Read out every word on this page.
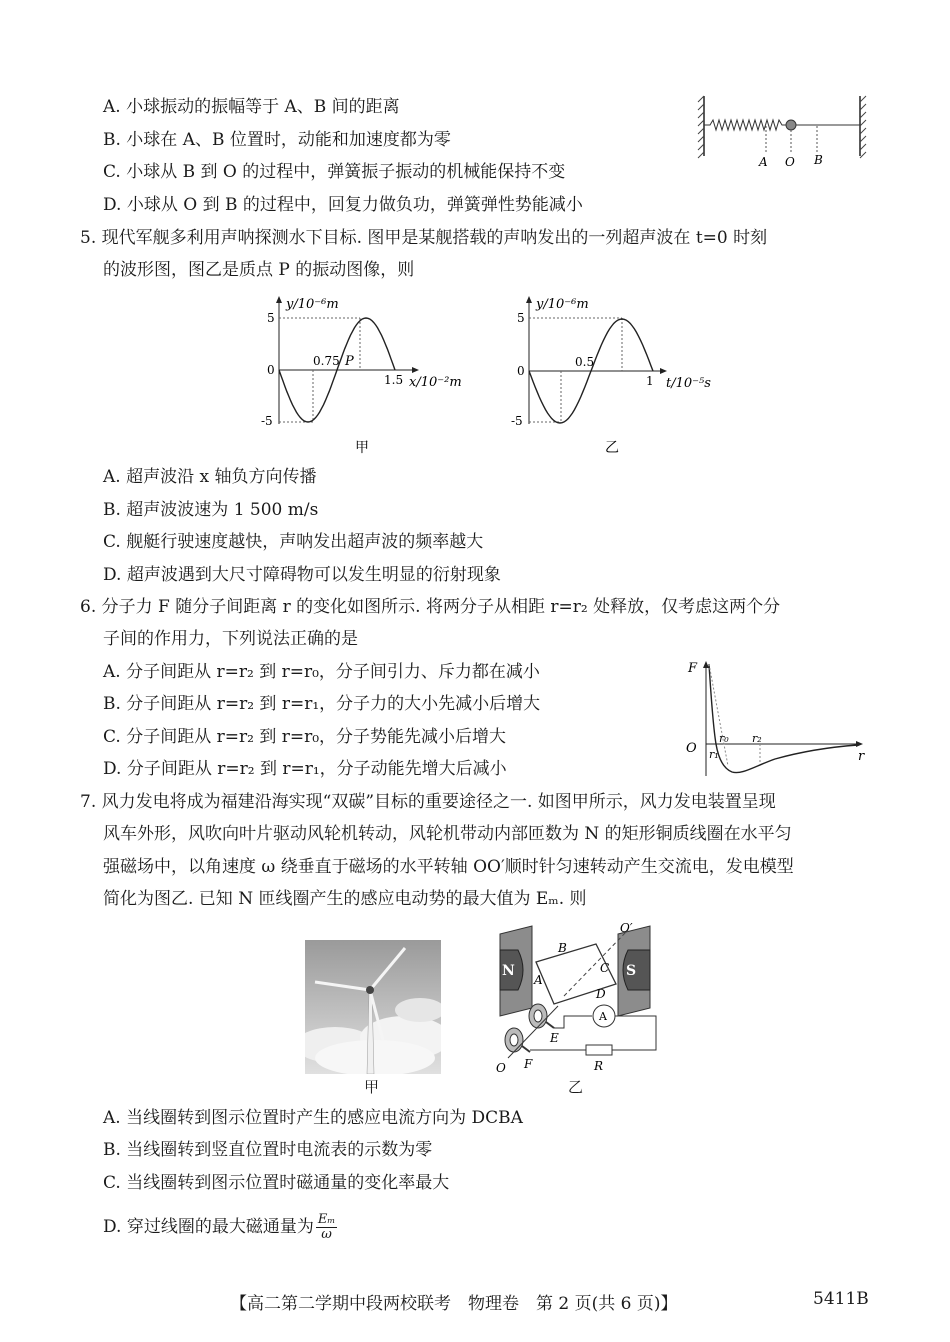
A. 小球振动的振幅等于 A、B 间的距离
B. 小球在 A、B 位置时，动能和加速度都为零
C. 小球从 B 到 O 的过程中，弹簧振子振动的机械能保持不变
D. 小球从 O 到 B 的过程中，回复力做负功，弹簧弹性势能减小
A O B
5. 现代军舰多利用声呐探测水下目标. 图甲是某舰搭载的声呐发出的一列超声波在 t=0 时刻
的波形图，图乙是质点 P 的振动图像，则
y/10⁻⁶m
5
0
-5
0.75 P
1.5 x/10⁻²m
甲
y/10⁻⁶m
5
0
-5
0.5
1 t/10⁻⁵s
乙
A. 超声波沿 x 轴负方向传播
B. 超声波波速为 1 500 m/s
C. 舰艇行驶速度越快，声呐发出超声波的频率越大
D. 超声波遇到大尺寸障碍物可以发生明显的衍射现象
6. 分子力 F 随分子间距离 r 的变化如图所示. 将两分子从相距 r=r₂ 处释放，仅考虑这两个分
子间的作用力，下列说法正确的是
A. 分子间距从 r=r₂ 到 r=r₀，分子间引力、斥力都在减小
B. 分子间距从 r=r₂ 到 r=r₁，分子力的大小先减小后增大
C. 分子间距从 r=r₂ 到 r=r₀，分子势能先减小后增大
D. 分子间距从 r=r₂ 到 r=r₁，分子动能先增大后减小
F
O
r
r₀
r₁
r₂
7. 风力发电将成为福建沿海实现“双碳”目标的重要途径之一. 如图甲所示，风力发电装置呈现
风车外形，风吹向叶片驱动风轮机转动，风轮机带动内部匝数为 N 的矩形铜质线圈在水平匀
强磁场中，以角速度 ω 绕垂直于磁场的水平转轴 OO′顺时针匀速转动产生交流电，发电模型
简化为图乙. 已知 N 匝线圈产生的感应电动势的最大值为 Eₘ. 则
甲
N	S
O′
A
B
C
D
E
F
O
A
R
乙
A. 当线圈转到图示位置时产生的感应电流方向为 DCBA
B. 当线圈转到竖直位置时电流表的示数为零
C. 当线圈转到图示位置时磁通量的变化率最大
D. 穿过线圈的最大磁通量为 $\frac{\text{Eₘ}}{\omega}$
【高二第二学期中段两校联考　物理卷　第 2 页(共 6 页)】	5411B
